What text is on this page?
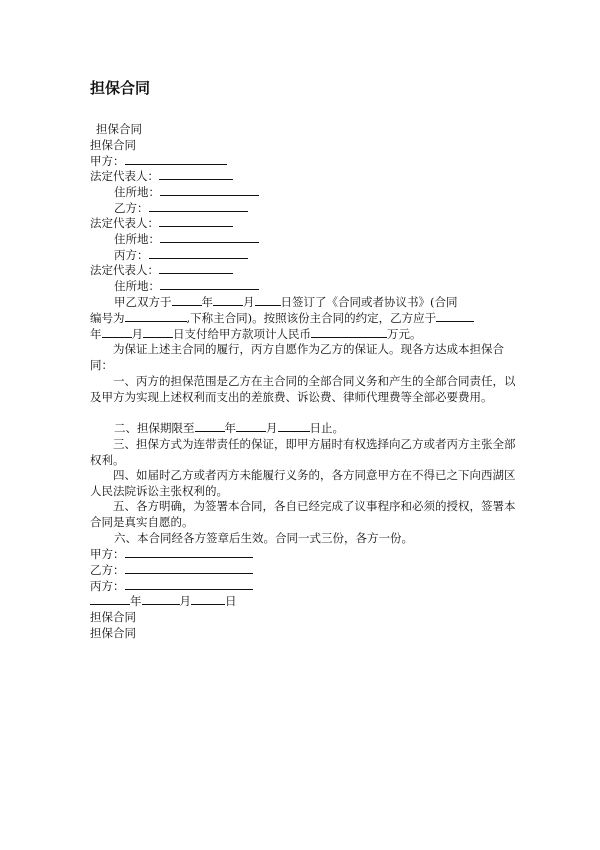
担保合同
担保合同
担保合同
甲方：
法定代表人：
住所地：
乙方：
法定代表人：
住所地：
丙方：
法定代表人：
住所地：
甲乙双方于	年	月 日签订了《合同或者协议书》(合同
编号为	,下称主合同)。按照该份主合同的约定，乙方应于
年	月	日支付给甲方款项计人民币	万元。
为保证上述主合同的履行，丙方自愿作为乙方的保证人。现各方达成本担保合同：
一、丙方的担保范围是乙方在主合同的全部合同义务和产生的全部合同责任，以及甲方为实现上述权利而支出的差旅费、诉讼费、律师代理费等全部必要费用。
二、担保期限至	年	月	日止。
三、担保方式为连带责任的保证，即甲方届时有权选择向乙方或者丙方主张全部权利。
四、如届时乙方或者丙方未能履行义务的，各方同意甲方在不得已之下向西湖区人民法院诉讼主张权利的。
五、各方明确，为签署本合同，各自已经完成了议事程序和必须的授权，签署本合同是真实自愿的。
六、本合同经各方签章后生效。合同一式三份，各方一份。
甲方：
乙方：
丙方：
年	月	日
担保合同
担保合同
